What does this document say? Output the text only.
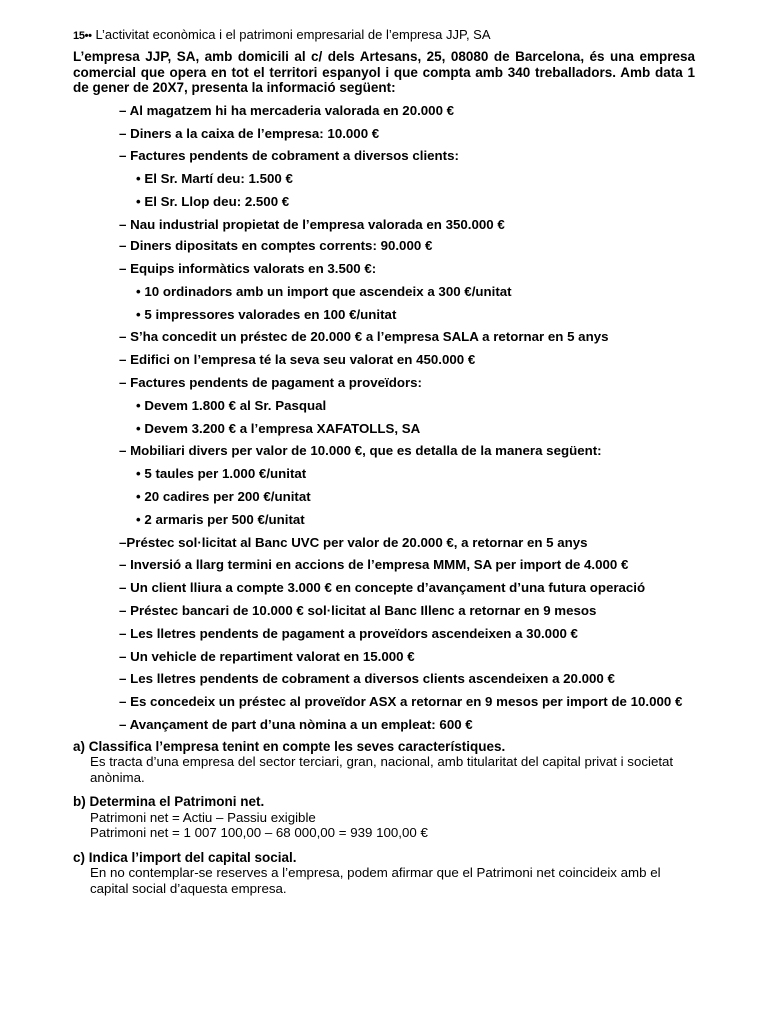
15•• L’activitat econòmica i el patrimoni empresarial de l’empresa JJP, SA

L’empresa JJP, SA, amb domicili al c/ dels Artesans, 25, 08080 de Barcelona, és una empresa comercial que opera en tot el territori espanyol i que compta amb 340 treballadors. Amb data 1 de gener de 20X7, presenta la informació següent:

– Al magatzem hi ha mercaderia valorada en 20.000 €
– Diners a la caixa de l’empresa: 10.000 €
– Factures pendents de cobrament a diversos clients:
• El Sr. Martí deu: 1.500 €
• El Sr. Llop deu: 2.500 €
– Nau industrial propietat de l’empresa valorada en 350.000 €
– Diners dipositats en comptes corrents: 90.000 €
– Equips informàtics valorats en 3.500 €:
• 10 ordinadors amb un import que ascendeix a 300 €/unitat
• 5 impressores valorades en 100 €/unitat
– S’ha concedit un préstec de 20.000 € a l’empresa SALA a retornar en 5 anys
– Edifici on l’empresa té la seva seu valorat en 450.000 €
– Factures pendents de pagament a proveïdors:
• Devem 1.800 € al Sr. Pasqual
• Devem 3.200 € a l’empresa XAFATOLLS, SA
– Mobiliari divers per valor de 10.000 €, que es detalla de la manera següent:
• 5 taules per 1.000 €/unitat
• 20 cadires per 200 €/unitat
• 2 armaris per 500 €/unitat
–Préstec sol·licitat al Banc UVC per valor de 20.000 €, a retornar en 5 anys
– Inversió a llarg termini en accions de l’empresa MMM, SA per import de 4.000 €
– Un client lliura a compte 3.000 € en concepte d’avançament d’una futura operació
– Préstec bancari de 10.000 € sol·licitat al Banc Illenc a retornar en 9 mesos
– Les lletres pendents de pagament a proveïdors ascendeixen a 30.000 €
– Un vehicle de repartiment valorat en 15.000 €
– Les lletres pendents de cobrament a diversos clients ascendeixen a 20.000 €
– Es concedeix un préstec al proveïdor ASX a retornar en 9 mesos per import de 10.000 €
– Avançament de part d’una nòmina a un empleat: 600 €
a) Classifica l’empresa tenint en compte les seves característiques.
Es tracta d’una empresa del sector terciari, gran, nacional, amb titularitat del capital privat i societat anònima.
b) Determina el Patrimoni net.
Patrimoni net = Actiu – Passiu exigible
Patrimoni net = 1 007 100,00 – 68 000,00 = 939 100,00 €
c) Indica l’import del capital social.
En no contemplar-se reserves a l’empresa, podem afirmar que el Patrimoni net coincideix amb el capital social d’aquesta empresa.
